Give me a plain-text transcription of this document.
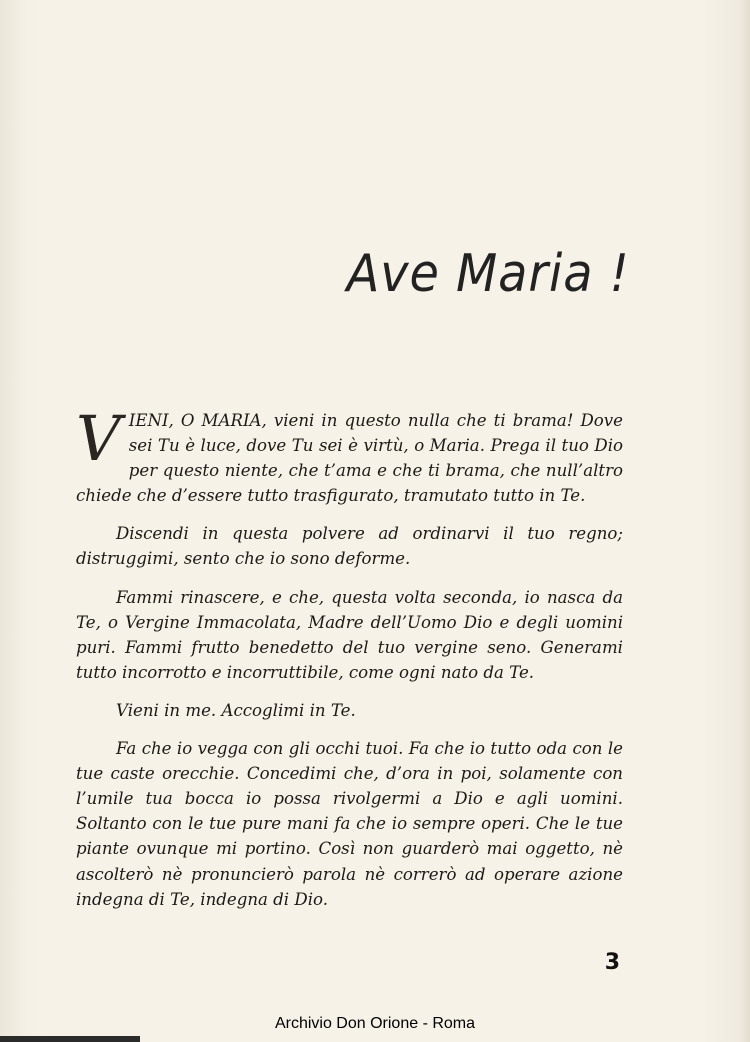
Ave Maria !

VIENI, O MARIA, vieni in questo nulla che ti brama! Dove sei Tu è luce, dove Tu sei è virtù, o Maria. Prega il tuo Dio per questo niente, che t’ama e che ti brama, che null’altro chiede che d’essere tutto trasfigurato, tramutato tutto in Te.

Discendi in questa polvere ad ordinarvi il tuo regno; distruggimi, sento che io sono deforme.

Fammi rinascere, e che, questa volta seconda, io nasca da Te, o Vergine Immacolata, Madre dell’Uomo Dio e degli uomini puri. Fammi frutto benedetto del tuo vergine seno. Generami tutto incorrotto e incorruttibile, come ogni nato da Te.

Vieni in me. Accoglimi in Te.

Fa che io vegga con gli occhi tuoi. Fa che io tutto oda con le tue caste orecchie. Concedimi che, d’ora in poi, solamente con l’umile tua bocca io possa rivolgermi a Dio e agli uomini. Soltanto con le tue pure mani fa che io sempre operi. Che le tue piante ovunque mi portino. Così non guarderò mai oggetto, nè ascolterò nè pronuncierò parola nè correrò ad operare azione indegna di Te, indegna di Dio.

3
Archivio Don Orione - Roma
